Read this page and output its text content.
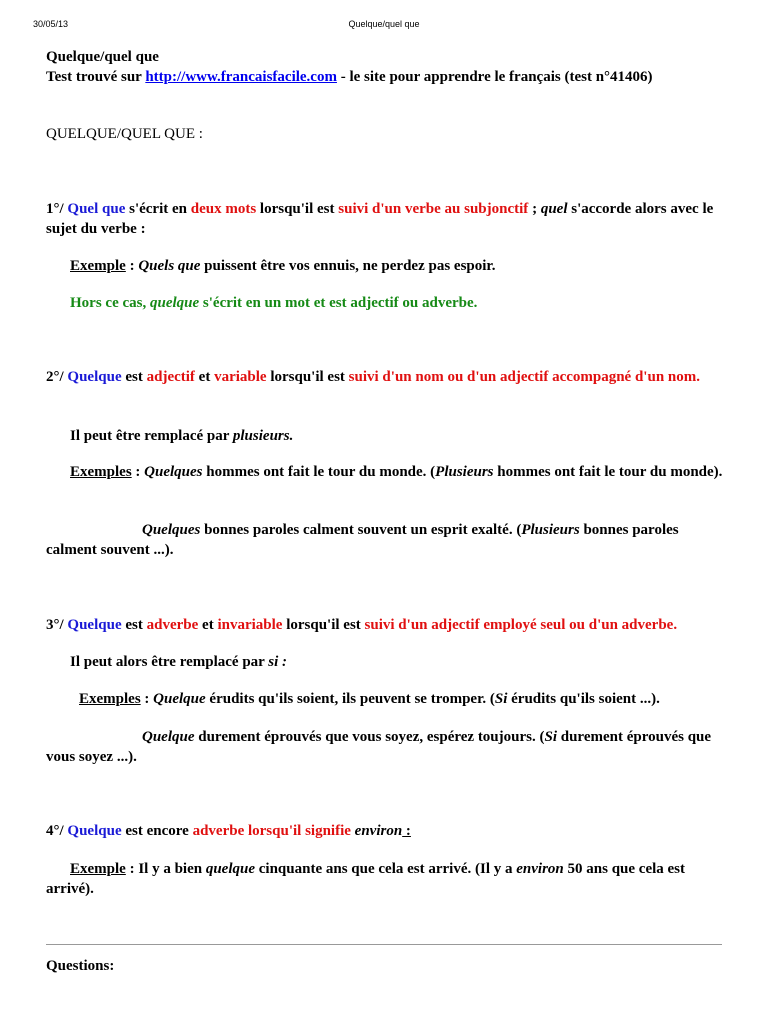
30/05/13	Quelque/quel que

Quelque/quel que

Test trouvé sur http://www.francaisfacile.com - le site pour apprendre le français (test n°41406)

QUELQUE/QUEL QUE :

1°/ Quel que s'écrit en deux mots lorsqu'il est suivi d'un verbe au subjonctif ; quel s'accorde alors avec le sujet du verbe :

Exemple : Quels que puissent être vos ennuis, ne perdez pas espoir.

Hors ce cas, quelque s'écrit en un mot et est adjectif ou adverbe.

2°/ Quelque est adjectif et variable lorsqu'il est suivi d'un nom ou d'un adjectif accompagné d'un nom.

Il peut être remplacé par plusieurs.

Exemples : Quelques hommes ont fait le tour du monde. (Plusieurs hommes ont fait le tour du monde).

Quelques bonnes paroles calment souvent un esprit exalté. (Plusieurs bonnes paroles calment souvent ...).

3°/ Quelque est adverbe et invariable lorsqu'il est suivi d'un adjectif employé seul ou d'un adverbe.

Il peut alors être remplacé par si :

Exemples : Quelque érudits qu'ils soient, ils peuvent se tromper. (Si érudits qu'ils soient ...).

Quelque durement éprouvés que vous soyez, espérez toujours. (Si durement éprouvés que vous soyez ...).

4°/ Quelque est encore adverbe lorsqu'il signifie environ :

Exemple : Il y a bien quelque cinquante ans que cela est arrivé. (Il y a environ 50 ans que cela est arrivé).

Questions:
